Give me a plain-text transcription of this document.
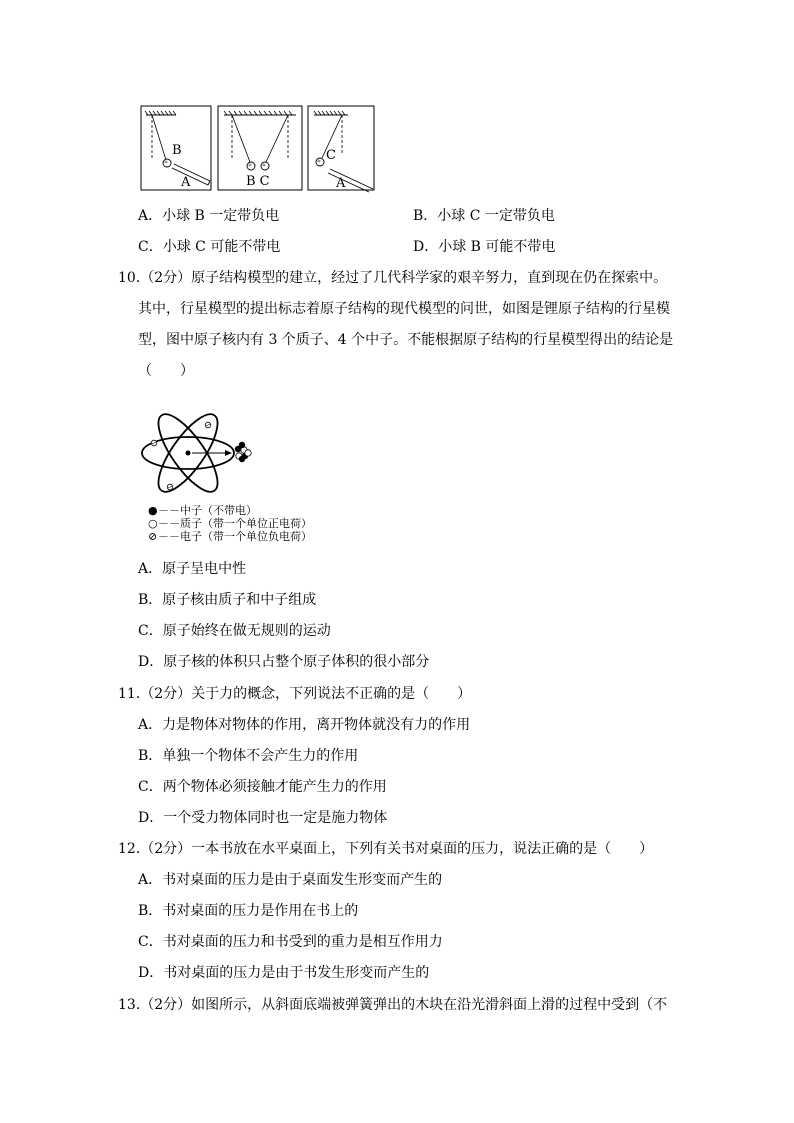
B
A	B C
C
A
A．小球 B 一定带负电	B．小球 C 一定带负电
C．小球 C 可能不带电	D．小球 B 可能不带电
10.（2分）原子结构模型的建立，经过了几代科学家的艰辛努力，直到现在仍在探索中。
其中，行星模型的提出标志着原子结构的现代模型的问世，如图是锂原子结构的行星模
型，图中原子核内有 3 个质子、4 个中子。不能根据原子结构的行星模型得出的结论是
（　　）
●－－中子（不带电）
○－－质子（带一个单位正电荷）
⊘－－电子（带一个单位负电荷）
A．原子呈电中性
B．原子核由质子和中子组成
C．原子始终在做无规则的运动
D．原子核的体积只占整个原子体积的很小部分
11.（2分）关于力的概念，下列说法不正确的是（　　）
A．力是物体对物体的作用，离开物体就没有力的作用
B．单独一个物体不会产生力的作用
C．两个物体必须接触才能产生力的作用
D．一个受力物体同时也一定是施力物体
12.（2分）一本书放在水平桌面上，下列有关书对桌面的压力，说法正确的是（　　）
A．书对桌面的压力是由于桌面发生形变而产生的
B．书对桌面的压力是作用在书上的
C．书对桌面的压力和书受到的重力是相互作用力
D．书对桌面的压力是由于书发生形变而产生的
13.（2分）如图所示，从斜面底端被弹簧弹出的木块在沿光滑斜面上滑的过程中受到（不
